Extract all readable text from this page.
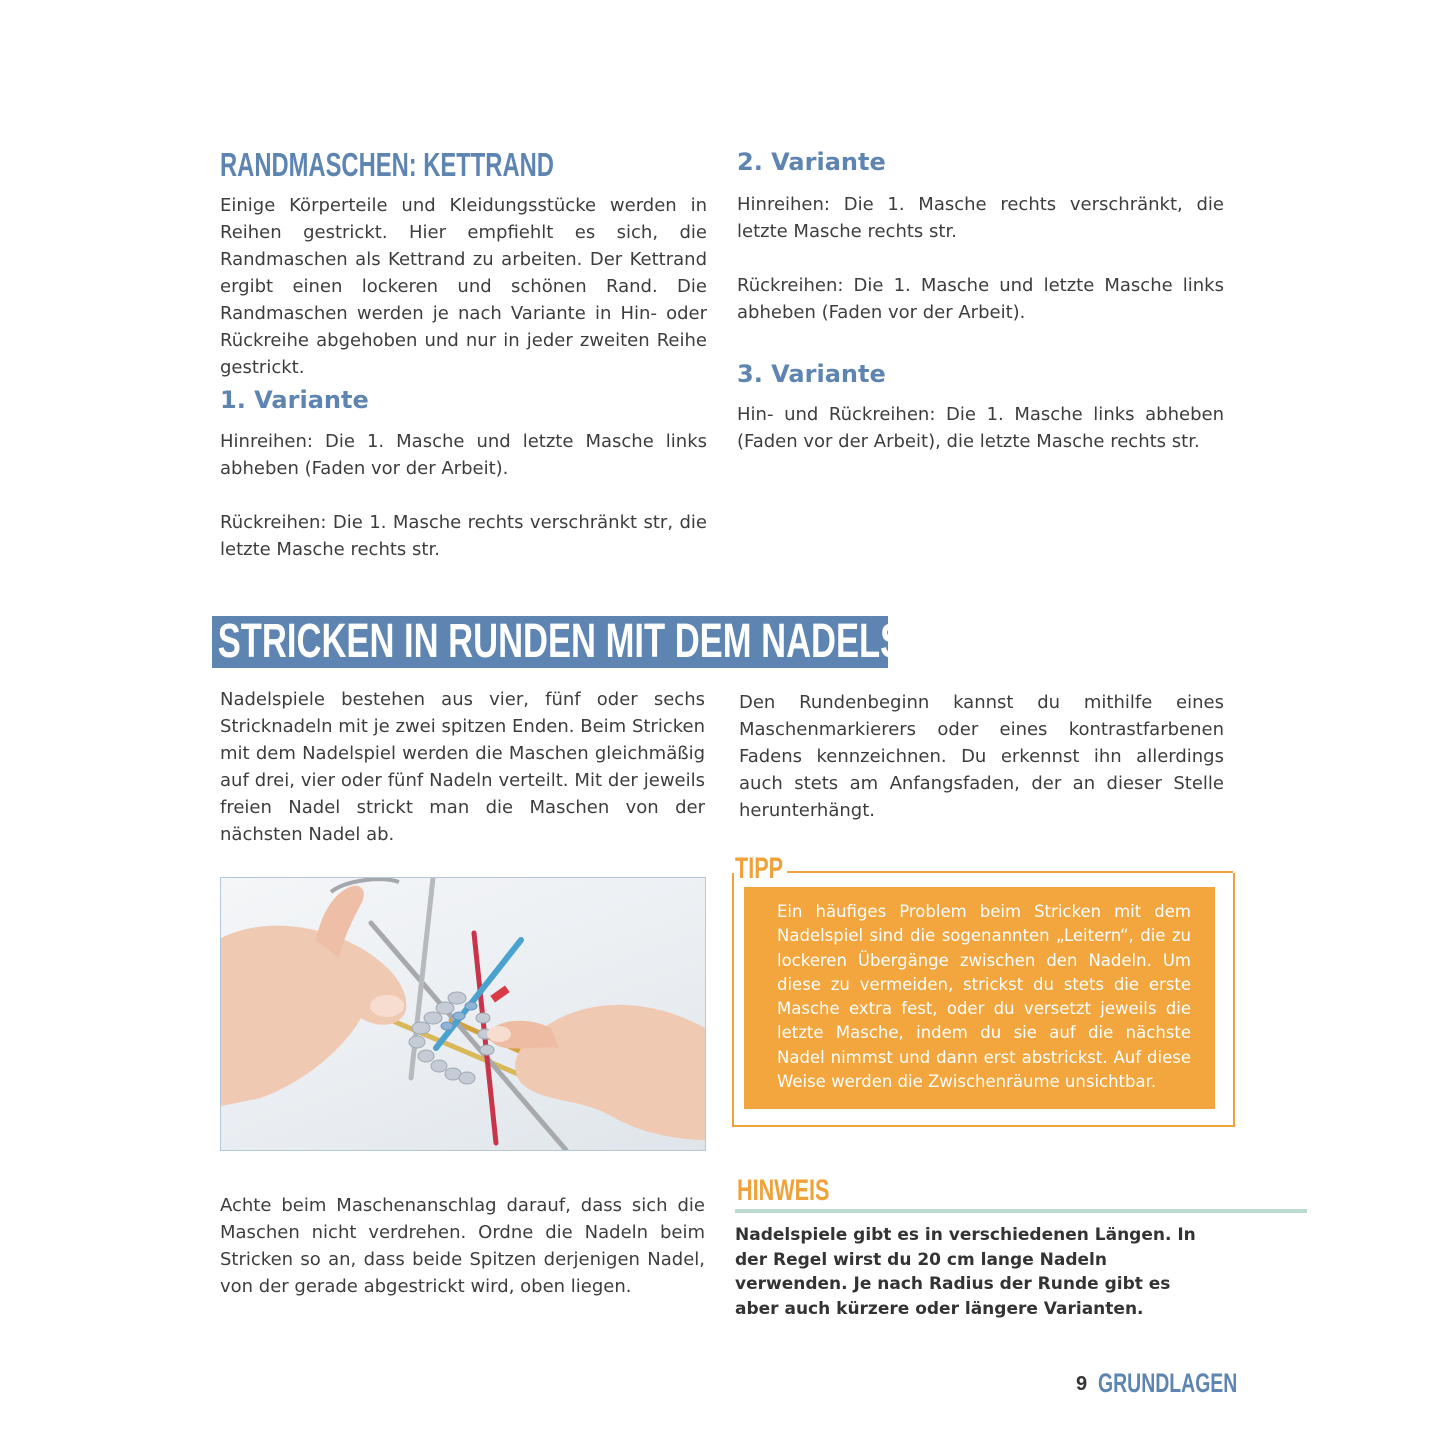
RANDMASCHEN: KETTRAND

Einige Körperteile und Kleidungsstücke werden in Reihen gestrickt. Hier empfiehlt es sich, die Randmaschen als Kettrand zu arbeiten. Der Kettrand ergibt einen lockeren und schönen Rand. Die Randmaschen werden je nach Variante in Hin- oder Rückreihe abgehoben und nur in jeder zweiten Reihe gestrickt.

1. Variante

Hinreihen: Die 1. Masche und letzte Masche links abheben (Faden vor der Arbeit).

Rückreihen: Die 1. Masche rechts verschränkt str, die letzte Masche rechts str.

2. Variante

Hinreihen: Die 1. Masche rechts verschränkt, die letzte Masche rechts str.

Rückreihen: Die 1. Masche und letzte Masche links abheben (Faden vor der Arbeit).

3. Variante

Hin- und Rückreihen: Die 1. Masche links abheben (Faden vor der Arbeit), die letzte Masche rechts str.

STRICKEN IN RUNDEN MIT DEM NADELSPIEL

Nadelspiele bestehen aus vier, fünf oder sechs Stricknadeln mit je zwei spitzen Enden. Beim Stricken mit dem Nadelspiel werden die Maschen gleichmäßig auf drei, vier oder fünf Nadeln verteilt. Mit der jeweils freien Nadel strickt man die Maschen von der nächsten Nadel ab.

Den Rundenbeginn kannst du mithilfe eines Maschenmarkierers oder eines kontrastfarbenen Fadens kennzeichnen. Du erkennst ihn allerdings auch stets am Anfangsfaden, der an dieser Stelle herunterhängt.

TIPP

Ein häufiges Problem beim Stricken mit dem Nadelspiel sind die sogenannten „Leitern“, die zu lockeren Übergänge zwischen den Nadeln. Um diese zu vermeiden, strickst du stets die erste Masche extra fest, oder du versetzt jeweils die letzte Masche, indem du sie auf die nächste Nadel nimmst und dann erst abstrickst. Auf diese Weise werden die Zwischenräume unsichtbar.

Achte beim Maschenanschlag darauf, dass sich die Maschen nicht verdrehen. Ordne die Nadeln beim Stricken so an, dass beide Spitzen derjenigen Nadel, von der gerade abgestrickt wird, oben liegen.

HINWEIS

Nadelspiele gibt es in verschiedenen Längen. In der Regel wirst du 20 cm lange Nadeln verwenden. Je nach Radius der Runde gibt es aber auch kürzere oder längere Varianten.

9 GRUNDLAGEN
